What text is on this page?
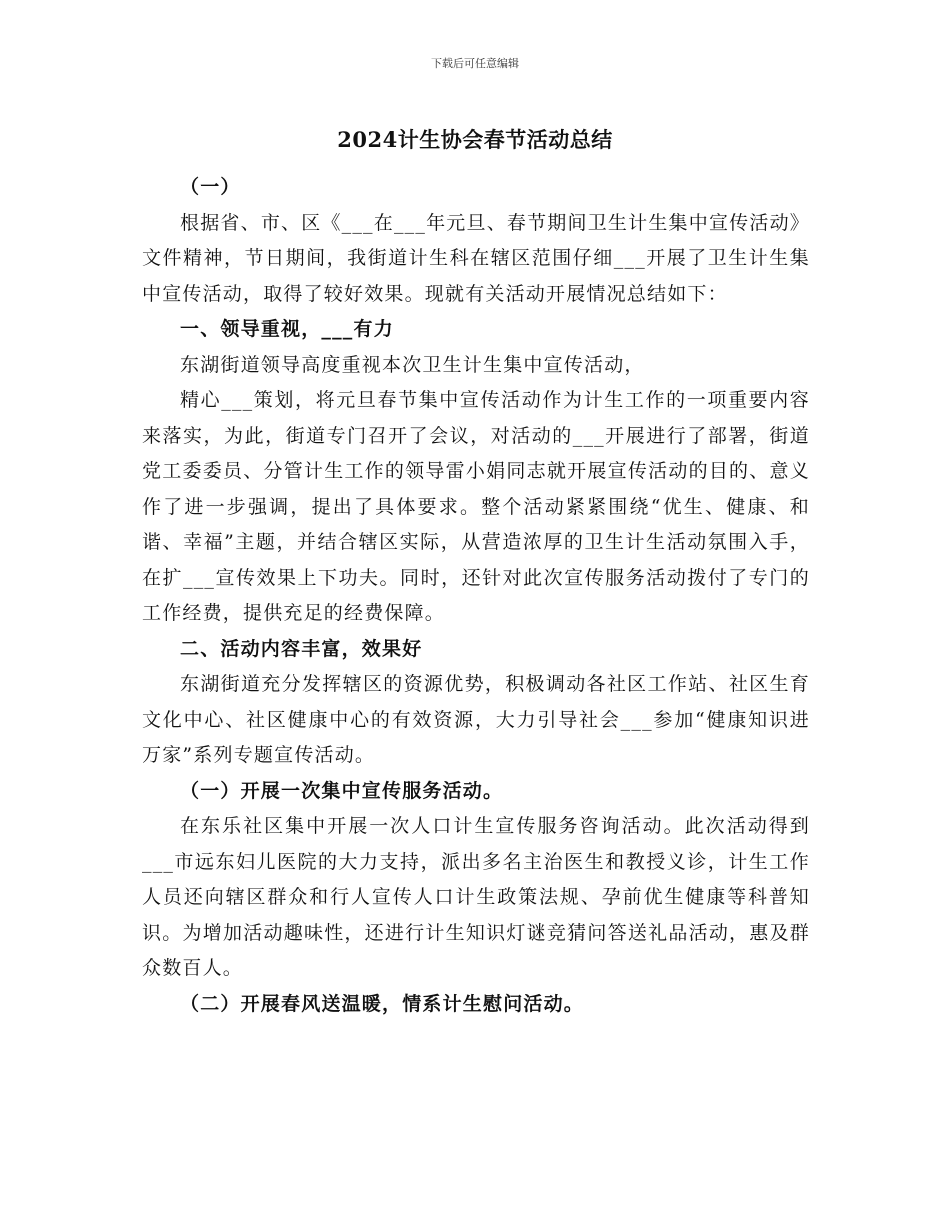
下载后可任意编辑
2024计生协会春节活动总结

（一）

根据省、市、区《___在___年元旦、春节期间卫生计生集中宣传活动》文件精神，节日期间，我街道计生科在辖区范围仔细___开展了卫生计生集中宣传活动，取得了较好效果。现就有关活动开展情况总结如下：

一、领导重视，___有力

东湖街道领导高度重视本次卫生计生集中宣传活动，

精心___策划，将元旦春节集中宣传活动作为计生工作的一项重要内容来落实，为此，街道专门召开了会议，对活动的___开展进行了部署，街道党工委委员、分管计生工作的领导雷小娟同志就开展宣传活动的目的、意义作了进一步强调，提出了具体要求。整个活动紧紧围绕“优生、健康、和谐、幸福”主题，并结合辖区实际，从营造浓厚的卫生计生活动氛围入手，在扩___宣传效果上下功夫。同时，还针对此次宣传服务活动拨付了专门的工作经费，提供充足的经费保障。

二、活动内容丰富，效果好

东湖街道充分发挥辖区的资源优势，积极调动各社区工作站、社区生育文化中心、社区健康中心的有效资源，大力引导社会___参加“健康知识进万家”系列专题宣传活动。

（一）开展一次集中宣传服务活动。

在东乐社区集中开展一次人口计生宣传服务咨询活动。此次活动得到___市远东妇儿医院的大力支持，派出多名主治医生和教授义诊，计生工作人员还向辖区群众和行人宣传人口计生政策法规、孕前优生健康等科普知识。为增加活动趣味性，还进行计生知识灯谜竞猜问答送礼品活动，惠及群众数百人。

（二）开展春风送温暖，情系计生慰问活动。
